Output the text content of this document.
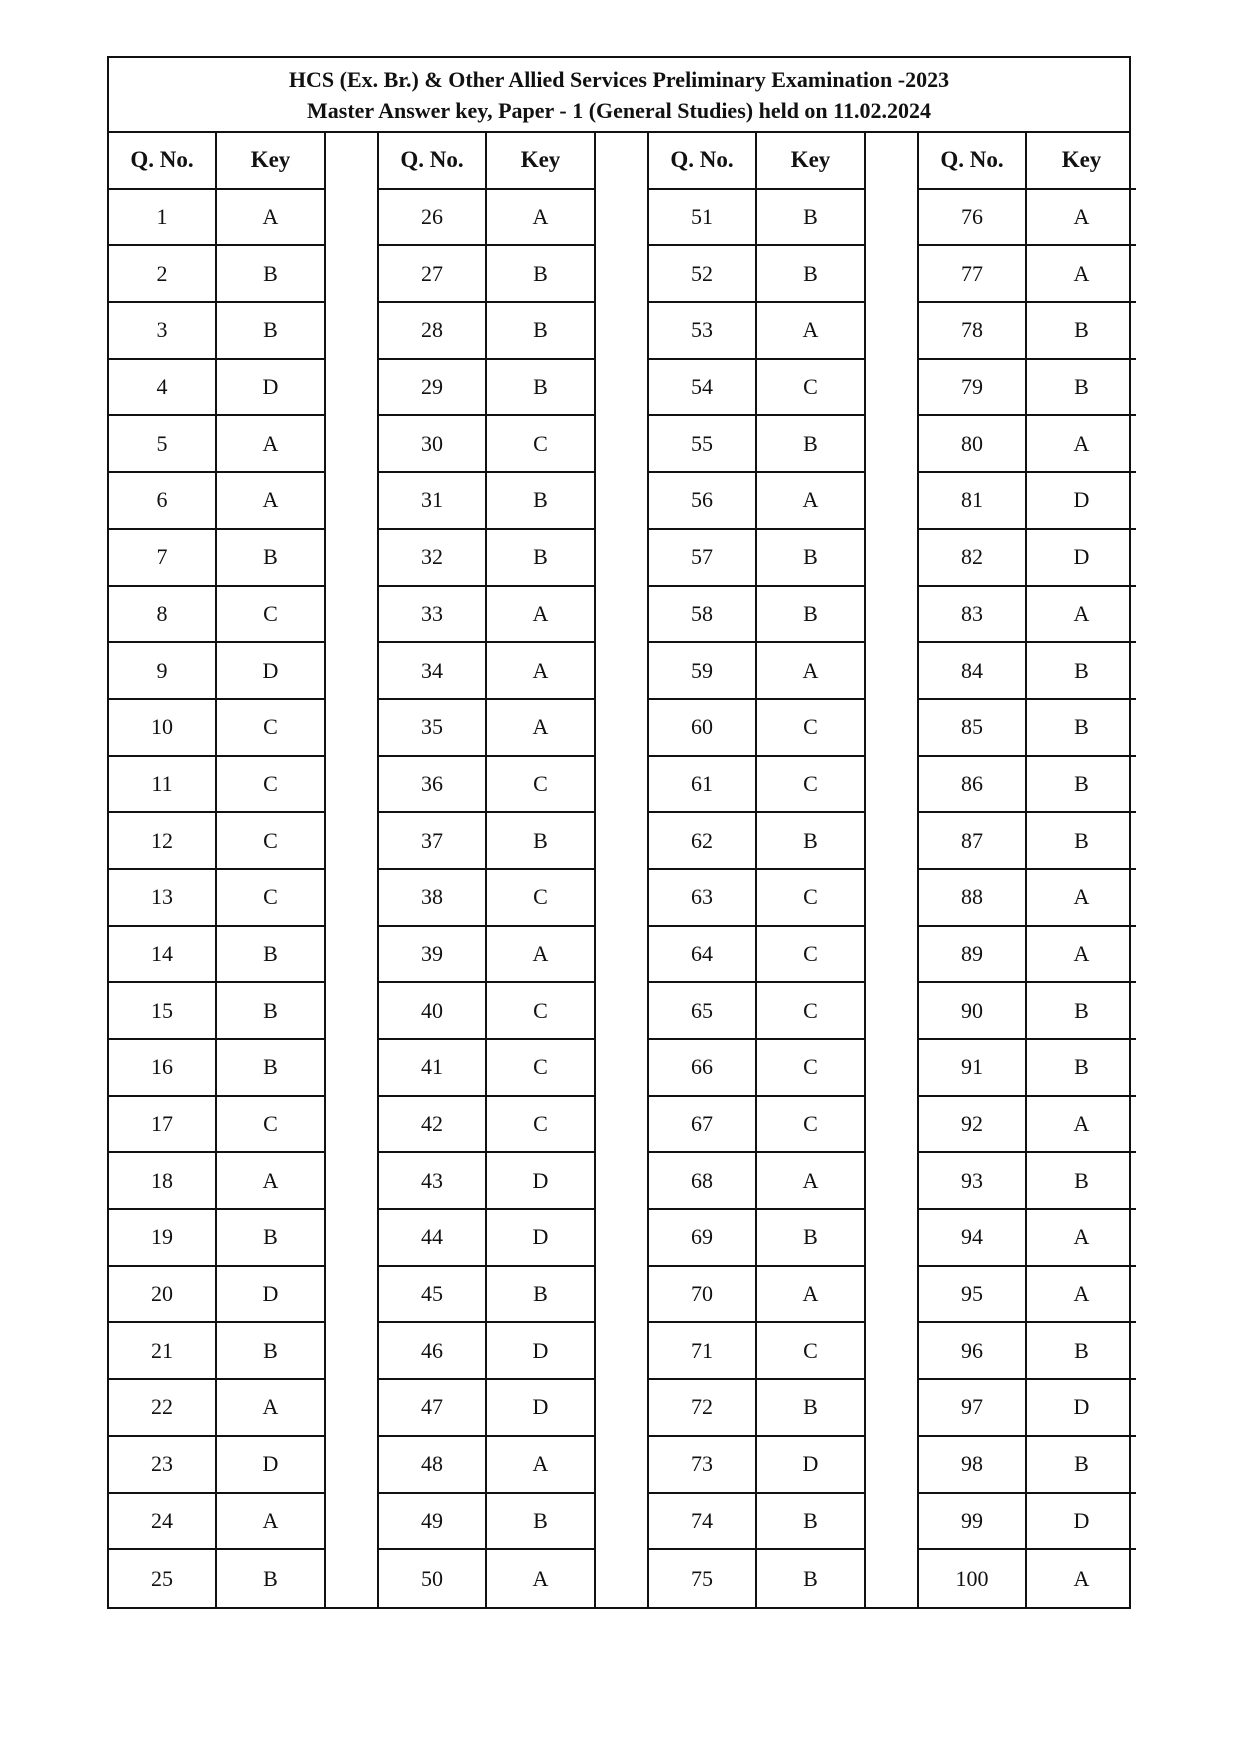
HCS (Ex. Br.) & Other Allied Services Preliminary Examination -2023
Master Answer key, Paper - 1 (General Studies) held on 11.02.2024
Q. No.	Key	Q. No.	Key	Q. No.	Key	Q. No.	Key
1	A	26	A	51	B	76	A
2	B	27	B	52	B	77	A
3	B	28	B	53	A	78	B
4	D	29	B	54	C	79	B
5	A	30	C	55	B	80	A
6	A	31	B	56	A	81	D
7	B	32	B	57	B	82	D
8	C	33	A	58	B	83	A
9	D	34	A	59	A	84	B
10	C	35	A	60	C	85	B
11	C	36	C	61	C	86	B
12	C	37	B	62	B	87	B
13	C	38	C	63	C	88	A
14	B	39	A	64	C	89	A
15	B	40	C	65	C	90	B
16	B	41	C	66	C	91	B
17	C	42	C	67	C	92	A
18	A	43	D	68	A	93	B
19	B	44	D	69	B	94	A
20	D	45	B	70	A	95	A
21	B	46	D	71	C	96	B
22	A	47	D	72	B	97	D
23	D	48	A	73	D	98	B
24	A	49	B	74	B	99	D
25	B	50	A	75	B	100	A
